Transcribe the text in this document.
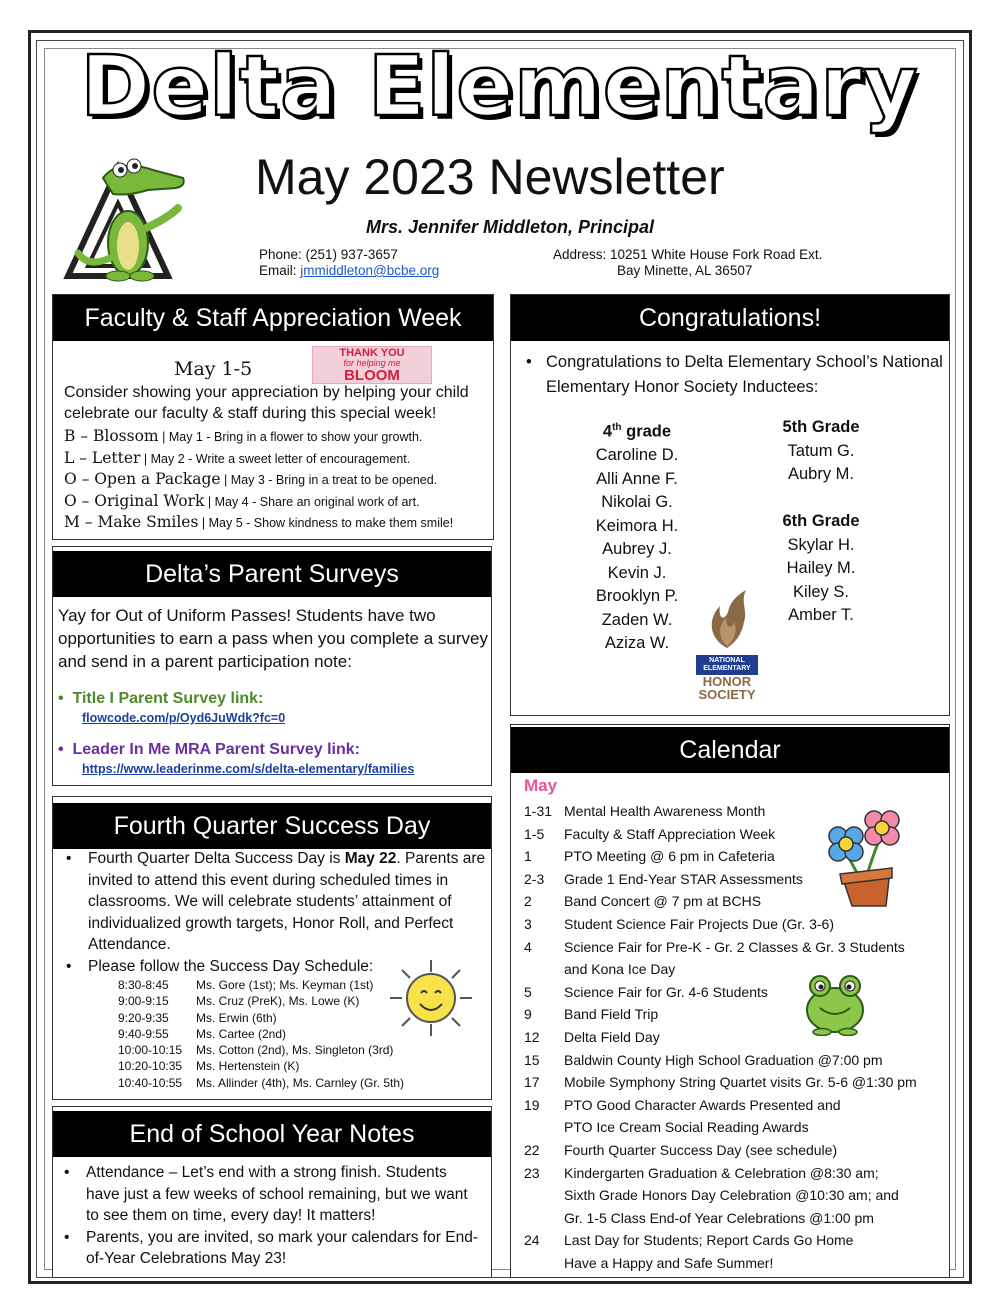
Delta Elementary
May 2023 Newsletter
Mrs. Jennifer Middleton, Principal
Phone: (251) 937-3657
Email: jmmiddleton@bcbe.org
Address: 10251 White House Fork Road Ext.
Bay Minette, AL 36507
Faculty & Staff Appreciation Week
May 1-5
THANK YOU
for helping me
BLOOM
Consider showing your appreciation by helping your child celebrate our faculty & staff during this special week!
B – Blossom | May 1 - Bring in a flower to show your growth.
L – Letter | May 2 - Write a sweet letter of encouragement.
O – Open a Package | May 3 - Bring in a treat to be opened.
O – Original Work | May 4 - Share an original work of art.
M – Make Smiles | May 5 - Show kindness to make them smile!
Delta’s Parent Surveys
Yay for Out of Uniform Passes! Students have two opportunities to earn a pass when you complete a survey and send in a parent participation note:
•  Title I Parent Survey link:
flowcode.com/p/Oyd6JuWdk?fc=0
•  Leader In Me MRA Parent Survey link:
https://www.leaderinme.com/s/delta-elementary/families
Fourth Quarter Success Day
• Fourth Quarter Delta Success Day is May 22. Parents are invited to attend this event during scheduled times in classrooms. We will celebrate students’ attainment of individualized growth targets, Honor Roll, and Perfect Attendance.
• Please follow the Success Day Schedule:
8:30-8:45 Ms. Gore (1st); Ms. Keyman (1st)
9:00-9:15 Ms. Cruz (PreK), Ms. Lowe (K)
9:20-9:35 Ms. Erwin (6th)
9:40-9:55 Ms. Cartee (2nd)
10:00-10:15 Ms. Cotton (2nd), Ms. Singleton (3rd)
10:20-10:35 Ms. Hertenstein (K)
10:40-10:55 Ms. Allinder (4th), Ms. Carnley (Gr. 5th)
End of School Year Notes
• Attendance – Let’s end with a strong finish. Students have just a few weeks of school remaining, but we want to see them on time, every day! It matters!
• Parents, you are invited, so mark your calendars for End-of-Year Celebrations May 23!
Congratulations!
• Congratulations to Delta Elementary School’s National Elementary Honor Society Inductees:
4th grade
Caroline D.
Alli Anne F.
Nikolai G.
Keimora H.
Aubrey J.
Kevin J.
Brooklyn P.
Zaden W.
Aziza W.
5th Grade
Tatum G.
Aubry M.
6th Grade
Skylar H.
Hailey M.
Kiley S.
Amber T.
NATIONAL
ELEMENTARY
HONOR
SOCIETY
Calendar
May
1-31 Mental Health Awareness Month
1-5 Faculty & Staff Appreciation Week
1 PTO Meeting @ 6 pm in Cafeteria
2-3 Grade 1 End-Year STAR Assessments
2 Band Concert @ 7 pm at BCHS
3 Student Science Fair Projects Due (Gr. 3-6)
4 Science Fair for Pre-K - Gr. 2 Classes & Gr. 3 Students
and Kona Ice Day
5 Science Fair for Gr. 4-6 Students
9 Band Field Trip
12 Delta Field Day
15 Baldwin County High School Graduation @7:00 pm
17 Mobile Symphony String Quartet visits Gr. 5-6 @1:30 pm
19 PTO Good Character Awards Presented and
PTO Ice Cream Social Reading Awards
22 Fourth Quarter Success Day (see schedule)
23 Kindergarten Graduation & Celebration @8:30 am;
Sixth Grade Honors Day Celebration @10:30 am; and
Gr. 1-5 Class End-of Year Celebrations @1:00 pm
24 Last Day for Students; Report Cards Go Home
Have a Happy and Safe Summer!
